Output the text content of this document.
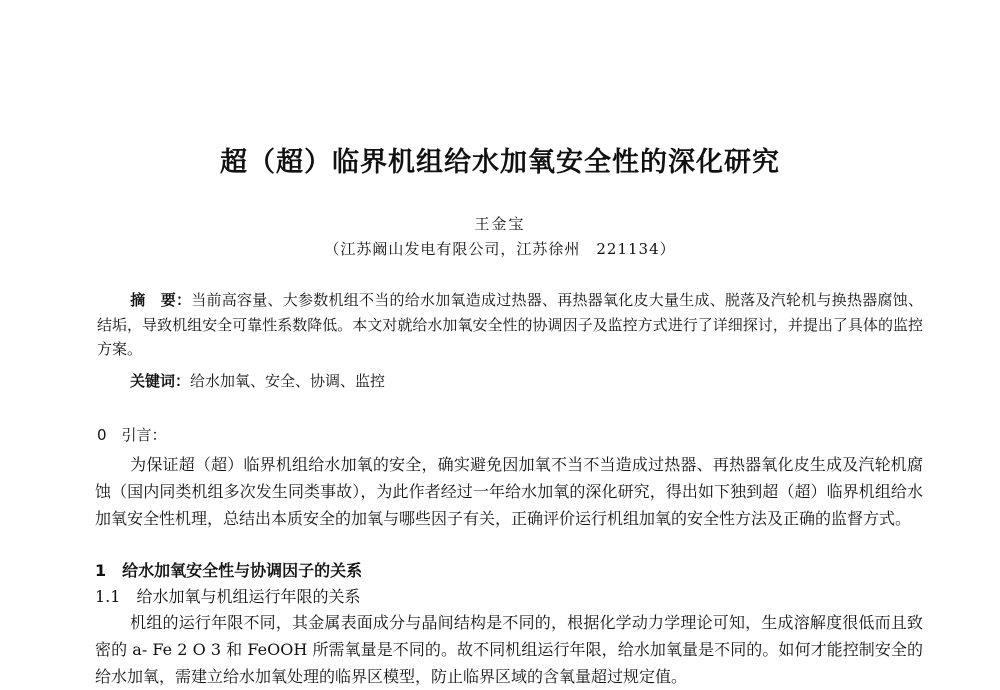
超（超）临界机组给水加氧安全性的深化研究
王金宝
（江苏阚山发电有限公司，江苏徐州　221134）
摘　要：当前高容量、大参数机组不当的给水加氧造成过热器、再热器氧化皮大量生成、脱落及汽轮机与换热器腐蚀、结垢，导致机组安全可靠性系数降低。本文对就给水加氧安全性的协调因子及监控方式进行了详细探讨，并提出了具体的监控方案。
关键词：给水加氧、安全、协调、监控
0　引言：
为保证超（超）临界机组给水加氧的安全，确实避免因加氧不当不当造成过热器、再热器氧化皮生成及汽轮机腐蚀（国内同类机组多次发生同类事故），为此作者经过一年给水加氧的深化研究，得出如下独到超（超）临界机组给水加氧安全性机理，总结出本质安全的加氧与哪些因子有关，正确评价运行机组加氧的安全性方法及正确的监督方式。
1　给水加氧安全性与协调因子的关系
1.1　给水加氧与机组运行年限的关系
机组的运行年限不同，其金属表面成分与晶间结构是不同的，根据化学动力学理论可知，生成溶解度很低而且致密的 a- Fe 2 O 3 和 FeOOH 所需氧量是不同的。故不同机组运行年限，给水加氧量是不同的。如何才能控制安全的给水加氧，需建立给水加氧处理的临界区模型，防止临界区域的含氧量超过规定值。
